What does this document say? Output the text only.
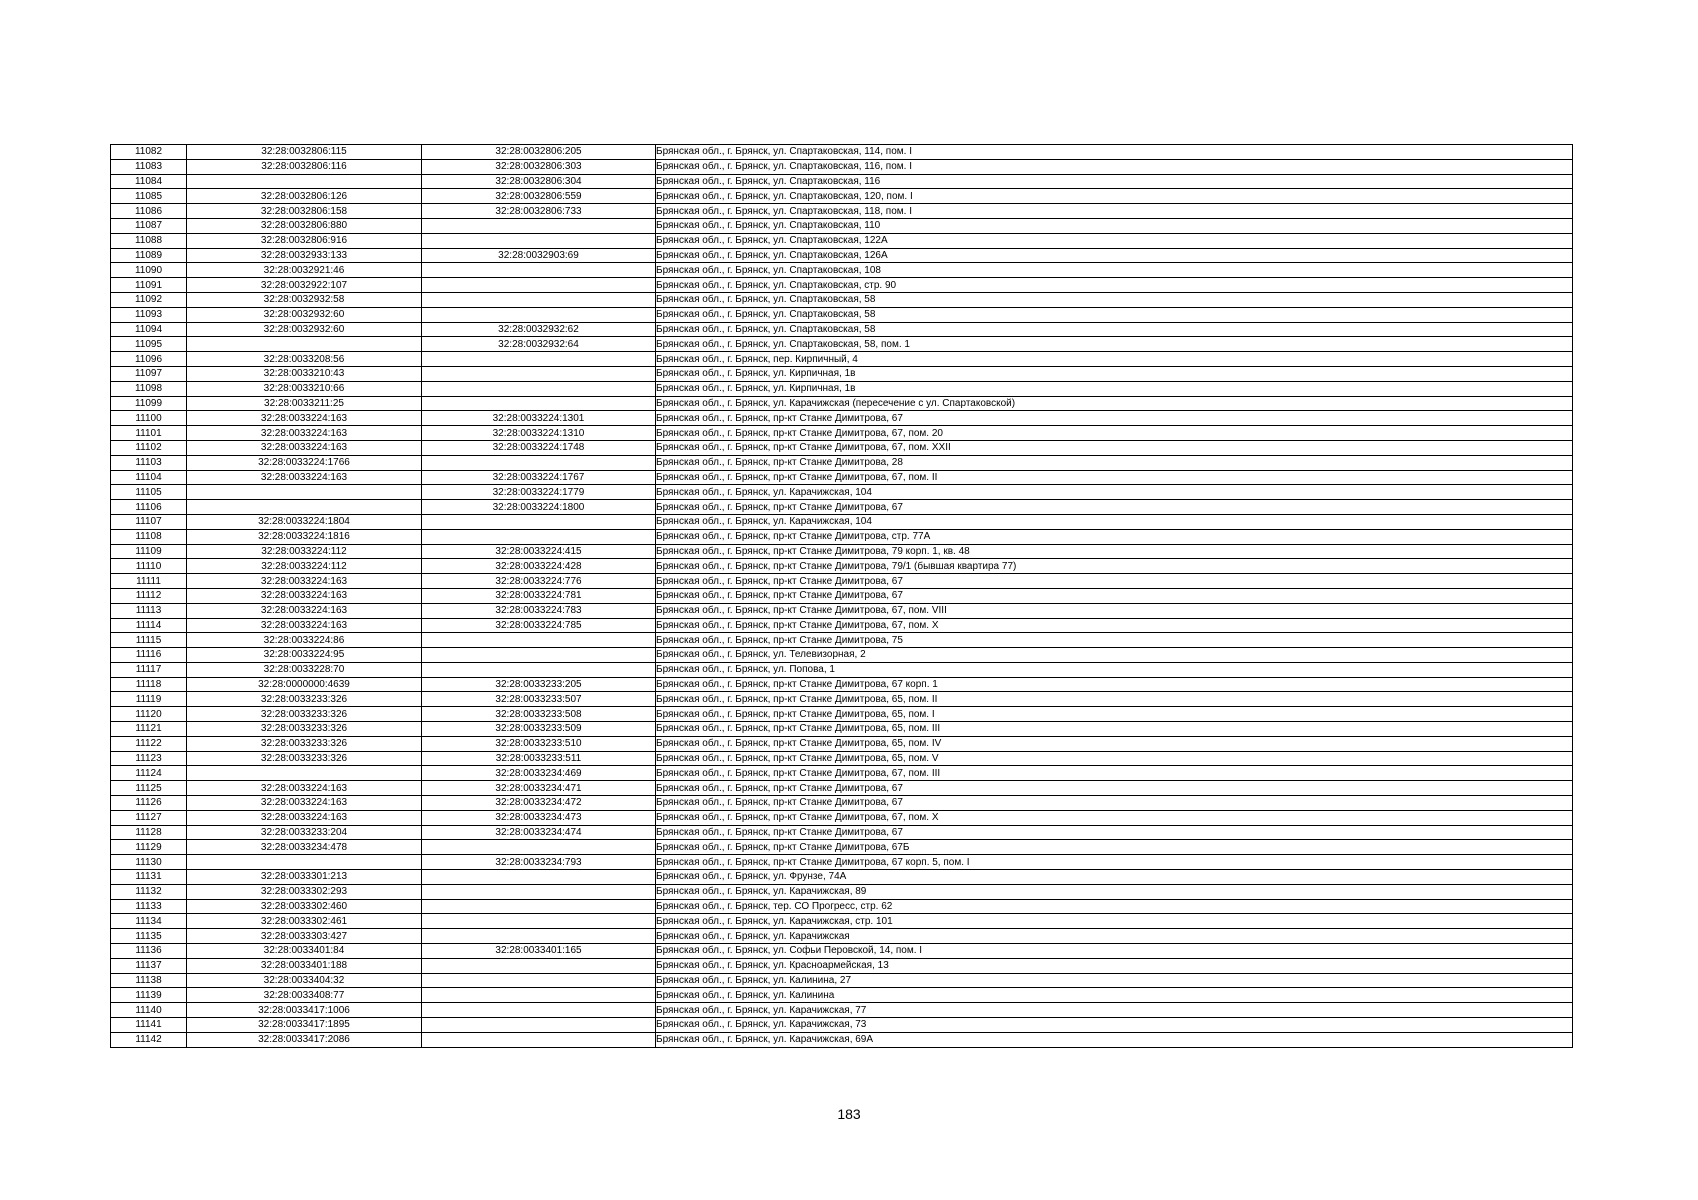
11082	32:28:0032806:115	32:28:0032806:205	Брянская обл., г. Брянск, ул. Спартаковская, 114, пом. I
11083	32:28:0032806:116	32:28:0032806:303	Брянская обл., г. Брянск, ул. Спартаковская, 116, пом. I
11084		32:28:0032806:304	Брянская обл., г. Брянск, ул. Спартаковская, 116
11085	32:28:0032806:126	32:28:0032806:559	Брянская обл., г. Брянск, ул. Спартаковская, 120, пом. I
11086	32:28:0032806:158	32:28:0032806:733	Брянская обл., г. Брянск, ул. Спартаковская, 118, пом. I
11087	32:28:0032806:880		Брянская обл., г. Брянск, ул. Спартаковская, 110
11088	32:28:0032806:916		Брянская обл., г. Брянск, ул. Спартаковская, 122А
11089	32:28:0032933:133	32:28:0032903:69	Брянская обл., г. Брянск, ул. Спартаковская, 126А
11090	32:28:0032921:46		Брянская обл., г. Брянск, ул. Спартаковская, 108
11091	32:28:0032922:107		Брянская обл., г. Брянск, ул. Спартаковская, стр. 90
11092	32:28:0032932:58		Брянская обл., г. Брянск, ул. Спартаковская, 58
11093	32:28:0032932:60		Брянская обл., г. Брянск, ул. Спартаковская, 58
11094	32:28:0032932:60	32:28:0032932:62	Брянская обл., г. Брянск, ул. Спартаковская, 58
11095		32:28:0032932:64	Брянская обл., г. Брянск, ул. Спартаковская, 58, пом. 1
11096	32:28:0033208:56		Брянская обл., г. Брянск, пер. Кирпичный, 4
11097	32:28:0033210:43		Брянская обл., г. Брянск, ул. Кирпичная, 1в
11098	32:28:0033210:66		Брянская обл., г. Брянск, ул. Кирпичная, 1в
11099	32:28:0033211:25		Брянская обл., г. Брянск, ул. Карачижская (пересечение с ул. Спартаковской)
11100	32:28:0033224:163	32:28:0033224:1301	Брянская обл., г. Брянск, пр-кт Станке Димитрова, 67
11101	32:28:0033224:163	32:28:0033224:1310	Брянская обл., г. Брянск, пр-кт Станке Димитрова, 67, пом. 20
11102	32:28:0033224:163	32:28:0033224:1748	Брянская обл., г. Брянск, пр-кт Станке Димитрова, 67, пом. XXII
11103	32:28:0033224:1766		Брянская обл., г. Брянск, пр-кт Станке Димитрова, 28
11104	32:28:0033224:163	32:28:0033224:1767	Брянская обл., г. Брянск, пр-кт Станке Димитрова, 67, пом. II
11105		32:28:0033224:1779	Брянская обл., г. Брянск, ул. Карачижская, 104
11106		32:28:0033224:1800	Брянская обл., г. Брянск, пр-кт Станке Димитрова, 67
11107	32:28:0033224:1804		Брянская обл., г. Брянск, ул. Карачижская, 104
11108	32:28:0033224:1816		Брянская обл., г. Брянск, пр-кт Станке Димитрова, стр. 77А
11109	32:28:0033224:112	32:28:0033224:415	Брянская обл., г. Брянск, пр-кт Станке Димитрова, 79 корп. 1, кв. 48
11110	32:28:0033224:112	32:28:0033224:428	Брянская обл., г. Брянск, пр-кт Станке Димитрова, 79/1 (бывшая квартира 77)
11111	32:28:0033224:163	32:28:0033224:776	Брянская обл., г. Брянск, пр-кт Станке Димитрова, 67
11112	32:28:0033224:163	32:28:0033224:781	Брянская обл., г. Брянск, пр-кт Станке Димитрова, 67
11113	32:28:0033224:163	32:28:0033224:783	Брянская обл., г. Брянск, пр-кт Станке Димитрова, 67, пом. VIII
11114	32:28:0033224:163	32:28:0033224:785	Брянская обл., г. Брянск, пр-кт Станке Димитрова, 67, пом. X
11115	32:28:0033224:86		Брянская обл., г. Брянск, пр-кт Станке Димитрова, 75
11116	32:28:0033224:95		Брянская обл., г. Брянск, ул. Телевизорная, 2
11117	32:28:0033228:70		Брянская обл., г. Брянск, ул. Попова, 1
11118	32:28:0000000:4639	32:28:0033233:205	Брянская обл., г. Брянск, пр-кт Станке Димитрова, 67 корп. 1
11119	32:28:0033233:326	32:28:0033233:507	Брянская обл., г. Брянск, пр-кт Станке Димитрова, 65, пом. II
11120	32:28:0033233:326	32:28:0033233:508	Брянская обл., г. Брянск, пр-кт Станке Димитрова, 65, пом. I
11121	32:28:0033233:326	32:28:0033233:509	Брянская обл., г. Брянск, пр-кт Станке Димитрова, 65, пом. III
11122	32:28:0033233:326	32:28:0033233:510	Брянская обл., г. Брянск, пр-кт Станке Димитрова, 65, пом. IV
11123	32:28:0033233:326	32:28:0033233:511	Брянская обл., г. Брянск, пр-кт Станке Димитрова, 65, пом. V
11124		32:28:0033234:469	Брянская обл., г. Брянск, пр-кт Станке Димитрова, 67, пом. III
11125	32:28:0033224:163	32:28:0033234:471	Брянская обл., г. Брянск, пр-кт Станке Димитрова, 67
11126	32:28:0033224:163	32:28:0033234:472	Брянская обл., г. Брянск, пр-кт Станке Димитрова, 67
11127	32:28:0033224:163	32:28:0033234:473	Брянская обл., г. Брянск, пр-кт Станке Димитрова, 67, пом. X
11128	32:28:0033233:204	32:28:0033234:474	Брянская обл., г. Брянск, пр-кт Станке Димитрова, 67
11129	32:28:0033234:478		Брянская обл., г. Брянск, пр-кт Станке Димитрова, 67Б
11130		32:28:0033234:793	Брянская обл., г. Брянск, пр-кт Станке Димитрова, 67 корп. 5, пом. I
11131	32:28:0033301:213		Брянская обл., г. Брянск, ул. Фрунзе, 74А
11132	32:28:0033302:293		Брянская обл., г. Брянск, ул. Карачижская, 89
11133	32:28:0033302:460		Брянская обл., г. Брянск, тер. СО Прогресс, стр. 62
11134	32:28:0033302:461		Брянская обл., г. Брянск, ул. Карачижская, стр. 101
11135	32:28:0033303:427		Брянская обл., г. Брянск, ул. Карачижская
11136	32:28:0033401:84	32:28:0033401:165	Брянская обл., г. Брянск, ул. Софьи Перовской, 14, пом. I
11137	32:28:0033401:188		Брянская обл., г. Брянск, ул. Красноармейская, 13
11138	32:28:0033404:32		Брянская обл., г. Брянск, ул. Калинина, 27
11139	32:28:0033408:77		Брянская обл., г. Брянск, ул. Калинина
11140	32:28:0033417:1006		Брянская обл., г. Брянск, ул. Карачижская, 77
11141	32:28:0033417:1895		Брянская обл., г. Брянск, ул. Карачижская, 73
11142	32:28:0033417:2086		Брянская обл., г. Брянск, ул. Карачижская, 69А
183
